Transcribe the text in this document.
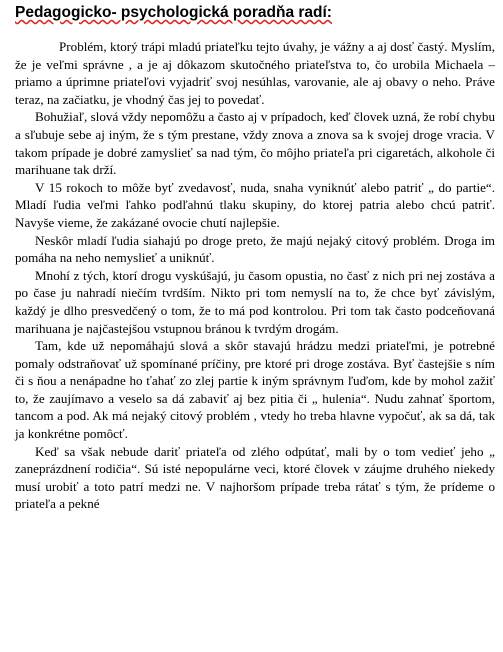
Pedagogicko- psychologická poradňa radí:

Problém, ktorý trápi mladú priateľku tejto úvahy, je vážny a aj dosť častý. Myslím, že je veľmi správne , a je aj dôkazom skutočného priateľstva to, čo urobila Michaela – priamo a úprimne priateľovi vyjadriť svoj nesúhlas, varovanie, ale aj obavy o neho. Práve teraz, na začiatku, je vhodný čas jej to povedať.

Bohužiaľ, slová vždy nepomôžu a často aj v prípadoch, keď človek uzná, že robí chybu a sľubuje sebe aj iným, že s tým prestane, vždy znova a znova sa k svojej droge vracia. V takom prípade je dobré zamyslieť sa nad tým, čo môjho priateľa pri cigaretách, alkohole či marihuane tak drží.

V 15 rokoch to môže byť zvedavosť, nuda, snaha vyniknúť alebo patriť „ do partie“. Mladí ľudia veľmi ľahko podľahnú tlaku skupiny, do ktorej patria alebo chcú patriť. Navyše vieme, že zakázané ovocie chutí najlepšie.

Neskôr mladí ľudia siahajú po droge preto, že majú nejaký citový problém. Droga im pomáha na neho nemyslieť a uniknúť.

Mnohí z tých, ktorí drogu vyskúšajú, ju časom opustia, no časť z nich pri nej zostáva a po čase ju nahradí niečím tvrdším. Nikto pri tom nemyslí na to, že chce byť závislým, každý je dlho presvedčený o tom, že to má pod kontrolou. Pri tom tak často podceňovaná marihuana je najčastejšou vstupnou bránou k tvrdým drogám.

Tam, kde už nepomáhajú slová a skôr stavajú hrádzu medzi priateľmi, je potrebné pomaly odstraňovať už spomínané príčiny, pre ktoré pri droge zostáva. Byť častejšie s ním či s ňou a nenápadne ho ťahať zo zlej partie k iným správnym ľuďom, kde by mohol zažiť to, že zaujímavo a veselo sa dá zabaviť aj bez pitia či „ hulenia“. Nudu zahnať športom, tancom a pod. Ak má nejaký citový problém , vtedy ho treba hlavne vypočuť, ak sa dá, tak ja konkrétne pomôcť.

Keď sa však nebude dariť priateľa od zlého odpútať, mali by o tom vedieť jeho „ zaneprázdnení rodičia“. Sú isté nepopulárne veci, ktoré človek v záujme druhého niekedy musí urobiť a toto patrí medzi ne. V najhoršom prípade treba rátať s tým, že prídeme o priateľa a pekné
